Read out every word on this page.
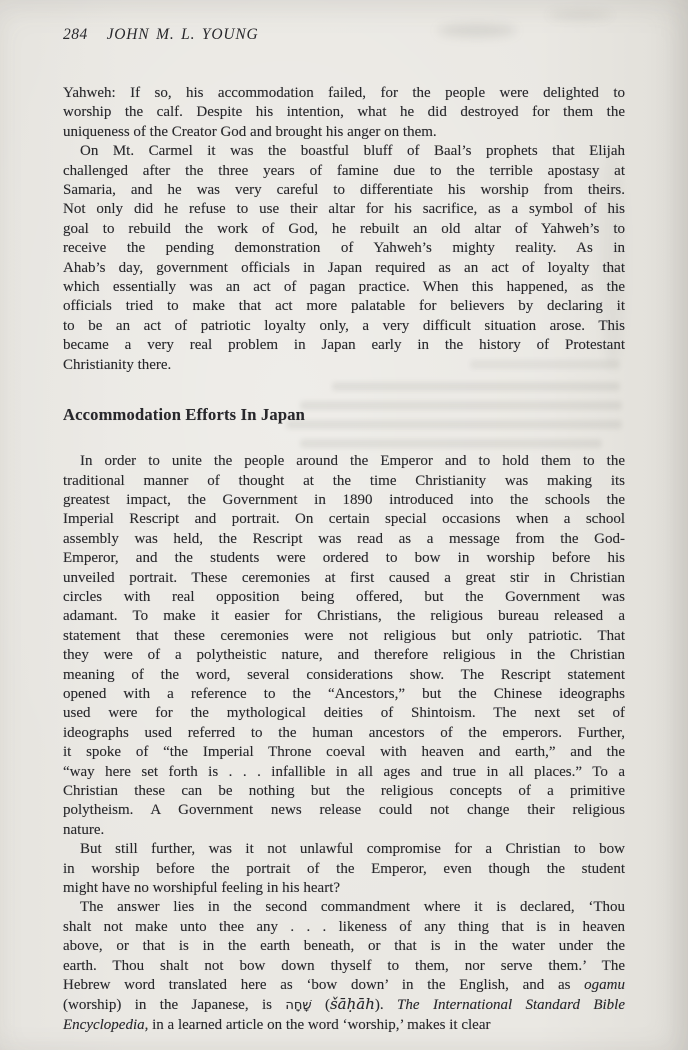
284 JOHN M. L. YOUNG
Yahweh: If so, his accommodation failed, for the people were delighted to
worship the calf. Despite his intention, what he did destroyed for them the
uniqueness of the Creator God and brought his anger on them.
On Mt. Carmel it was the boastful bluff of Baal’s prophets that Elijah
challenged after the three years of famine due to the terrible apostasy at
Samaria, and he was very careful to differentiate his worship from theirs.
Not only did he refuse to use their altar for his sacrifice, as a symbol of his
goal to rebuild the work of God, he rebuilt an old altar of Yahweh’s to
receive the pending demonstration of Yahweh’s mighty reality. As in
Ahab’s day, government officials in Japan required as an act of loyalty that
which essentially was an act of pagan practice. When this happened, as the
officials tried to make that act more palatable for believers by declaring it
to be an act of patriotic loyalty only, a very difficult situation arose. This
became a very real problem in Japan early in the history of Protestant
Christianity there.
Accommodation Efforts In Japan
In order to unite the people around the Emperor and to hold them to the
traditional manner of thought at the time Christianity was making its
greatest impact, the Government in 1890 introduced into the schools the
Imperial Rescript and portrait. On certain special occasions when a school
assembly was held, the Rescript was read as a message from the God-
Emperor, and the students were ordered to bow in worship before his
unveiled portrait. These ceremonies at first caused a great stir in Christian
circles with real opposition being offered, but the Government was
adamant. To make it easier for Christians, the religious bureau released a
statement that these ceremonies were not religious but only patriotic. That
they were of a polytheistic nature, and therefore religious in the Christian
meaning of the word, several considerations show. The Rescript statement
opened with a reference to the “Ancestors,” but the Chinese ideographs
used were for the mythological deities of Shintoism. The next set of
ideographs used referred to the human ancestors of the emperors. Further,
it spoke of “the Imperial Throne coeval with heaven and earth,” and the
“way here set forth is . . . infallible in all ages and true in all places.” To a
Christian these can be nothing but the religious concepts of a primitive
polytheism. A Government news release could not change their religious
nature.
But still further, was it not unlawful compromise for a Christian to bow
in worship before the portrait of the Emperor, even though the student
might have no worshipful feeling in his heart?
The answer lies in the second commandment where it is declared, ‘Thou
shalt not make unto thee any . . . likeness of any thing that is in heaven
above, or that is in the earth beneath, or that is in the water under the
earth. Thou shalt not bow down thyself to them, nor serve them.’ The
Hebrew word translated here as ‘bow down’ in the English, and as ogamu
(worship) in the Japanese, is שָׁחָה (šāḥāh). The International Standard Bible
Encyclopedia, in a learned article on the word ‘worship,’ makes it clear
